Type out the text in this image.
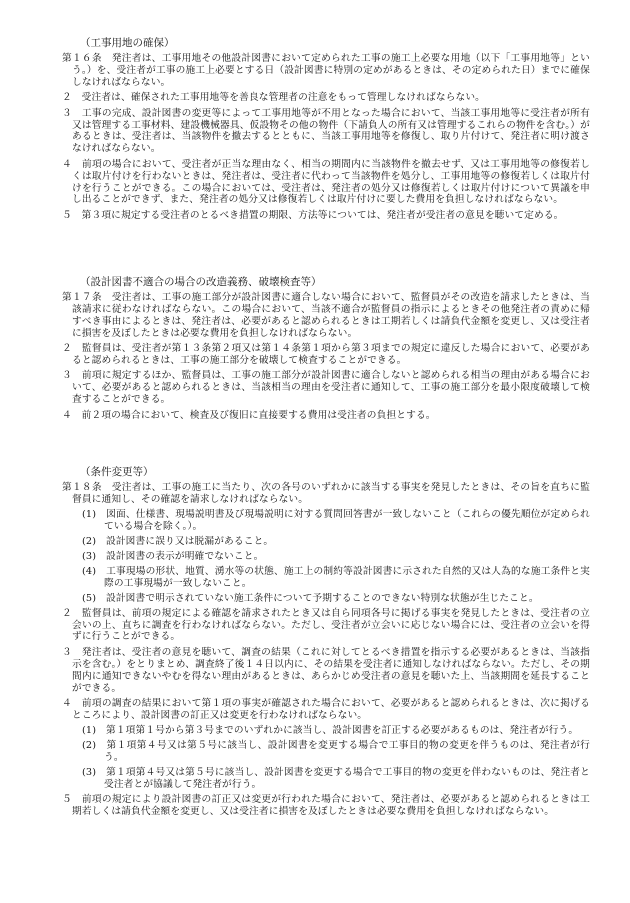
（工事用地の確保）

第１６条　発注者は、工事用地その他設計図書において定められた工事の施工上必要な用地（以下「工事用地等」という。）を、受注者が工事の施工上必要とする日（設計図書に特別の定めがあるときは、その定められた日）までに確保しなければならない。

２　受注者は、確保された工事用地等を善良な管理者の注意をもって管理しなければならない。

３　工事の完成、設計図書の変更等によって工事用地等が不用となった場合において、当該工事用地等に受注者が所有又は管理する工事材料、建設機械器具、仮設物その他の物件（下請負人の所有又は管理するこれらの物件を含む。）があるときは、受注者は、当該物件を撤去するとともに、当該工事用地等を修復し、取り片付けて、発注者に明け渡さなければならない。

４　前項の場合において、受注者が正当な理由なく、相当の期間内に当該物件を撤去せず、又は工事用地等の修復若しくは取片付けを行わないときは、発注者は、受注者に代わって当該物件を処分し、工事用地等の修復若しくは取片付けを行うことができる。この場合においては、受注者は、発注者の処分又は修復若しくは取片付けについて異議を申し出ることができず、また、発注者の処分又は修復若しくは取片付けに要した費用を負担しなければならない。

５　第３項に規定する受注者のとるべき措置の期限、方法等については、発注者が受注者の意見を聴いて定める。

（設計図書不適合の場合の改造義務、破壊検査等）

第１７条　受注者は、工事の施工部分が設計図書に適合しない場合において、監督員がその改造を請求したときは、当該請求に従わなければならない。この場合において、当該不適合が監督員の指示によるときその他発注者の責めに帰すべき事由によるときは、発注者は、必要があると認められるときは工期若しくは請負代金額を変更し、又は受注者に損害を及ぼしたときは必要な費用を負担しなければならない。

２　監督員は、受注者が第１３条第２項又は第１４条第１項から第３項までの規定に違反した場合において、必要があると認められるときは、工事の施工部分を破壊して検査することができる。

３　前項に規定するほか、監督員は、工事の施工部分が設計図書に適合しないと認められる相当の理由がある場合において、必要があると認められるときは、当該相当の理由を受注者に通知して、工事の施工部分を最小限度破壊して検査することができる。

４　前２項の場合において、検査及び復旧に直接要する費用は受注者の負担とする。

（条件変更等）

第１８条　受注者は、工事の施工に当たり、次の各号のいずれかに該当する事実を発見したときは、その旨を直ちに監督員に通知し、その確認を請求しなければならない。

(1)　図面、仕様書、現場説明書及び現場説明に対する質問回答書が一致しないこと（これらの優先順位が定められている場合を除く。）。

(2)　設計図書に誤り又は脱漏があること。

(3)　設計図書の表示が明確でないこと。

(4)　工事現場の形状、地質、湧水等の状態、施工上の制約等設計図書に示された自然的又は人為的な施工条件と実際の工事現場が一致しないこと。

(5)　設計図書で明示されていない施工条件について予期することのできない特別な状態が生じたこと。

２　監督員は、前項の規定による確認を請求されたとき又は自ら同項各号に掲げる事実を発見したときは、受注者の立会いの上、直ちに調査を行わなければならない。ただし、受注者が立会いに応じない場合には、受注者の立会いを得ずに行うことができる。

３　発注者は、受注者の意見を聴いて、調査の結果（これに対してとるべき措置を指示する必要があるときは、当該指示を含む。）をとりまとめ、調査終了後１４日以内に、その結果を受注者に通知しなければならない。ただし、その期間内に通知できないやむを得ない理由があるときは、あらかじめ受注者の意見を聴いた上、当該期間を延長することができる。

４　前項の調査の結果において第１項の事実が確認された場合において、必要があると認められるときは、次に掲げるところにより、設計図書の訂正又は変更を行わなければならない。

(1)　第１項第１号から第３号までのいずれかに該当し、設計図書を訂正する必要があるものは、発注者が行う。

(2)　第１項第４号又は第５号に該当し、設計図書を変更する場合で工事目的物の変更を伴うものは、発注者が行う。

(3)　第１項第４号又は第５号に該当し、設計図書を変更する場合で工事目的物の変更を伴わないものは、発注者と受注者とが協議して発注者が行う。

５　前項の規定により設計図書の訂正又は変更が行われた場合において、発注者は、必要があると認められるときは工期若しくは請負代金額を変更し、又は受注者に損害を及ぼしたときは必要な費用を負担しなければならない。
